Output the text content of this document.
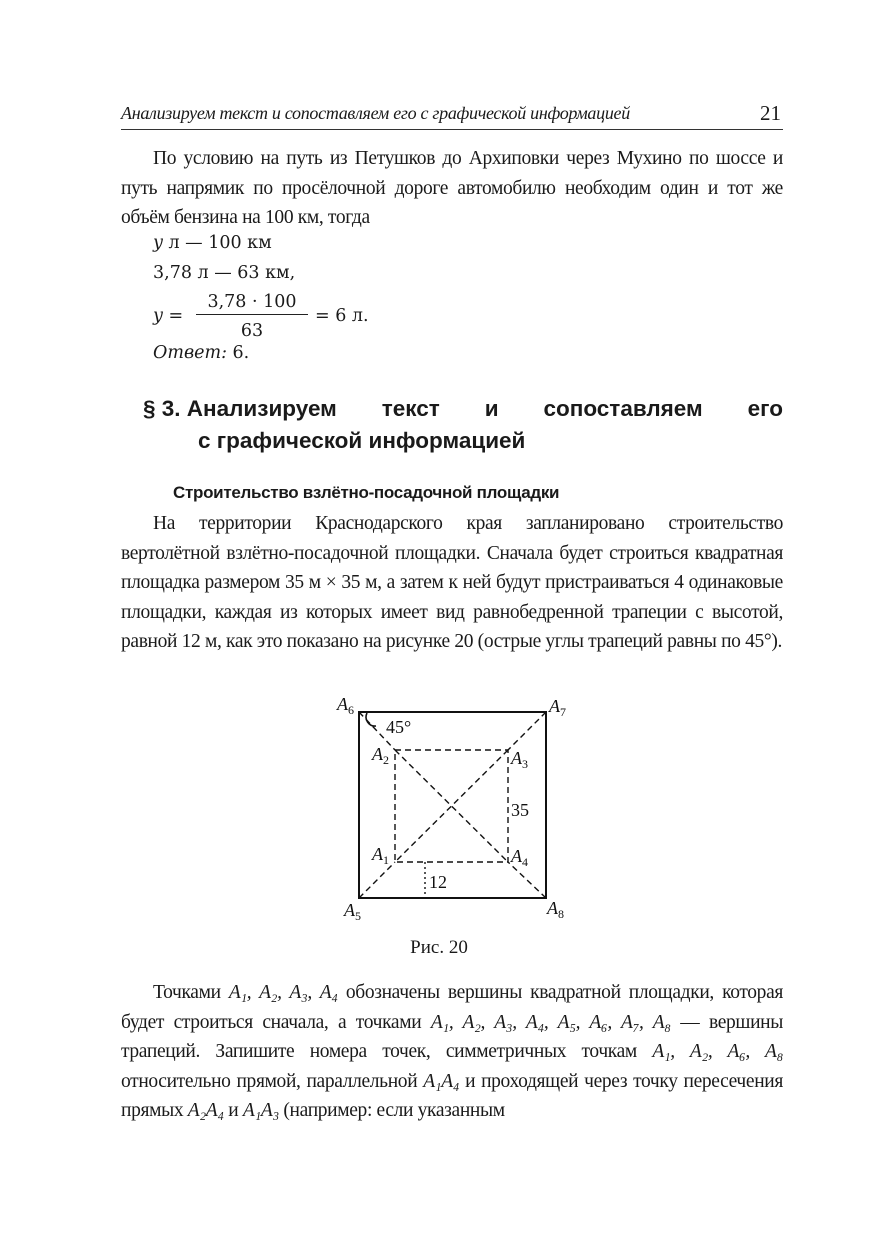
Анализируем текст и сопоставляем его с графической информацией	21
По условию на путь из Петушков до Архиповки через Мухино по шоссе и путь напрямик по просёлочной дороге автомобилю необходим один и тот же объём бензина на 100 км, тогда
y л — 100 км
3,78 л — 63 км,
y =
3,78 · 100
63
= 6 л.
Ответ: 6.
§ 3. Анализируем текст и сопоставляем его
с графической информацией
Строительство взлётно-посадочной площадки
На территории Краснодарского края запланировано строительство вертолётной взлётно-посадочной площадки. Сначала будет строиться квадратная площадка размером 35 м × 35 м, а затем к ней будут пристраиваться 4 одинаковые площадки, каждая из которых имеет вид равнобедренной трапеции с высотой, равной 12 м, как это показано на рисунке 20 (острые углы трапеций равны по 45°).
Точками A₁, A₂, A₃, A₄ обозначены вершины квадратной площадки, которая будет строиться сначала, а точками A₁, A₂, A₃, A₄, A₅, A₆, A₇, A₈ — вершины трапеций. Запишите номера точек, симметричных точкам A₁, A₂, A₆, A₈ относительно прямой, параллельной A₁A₄ и проходящей через точку пересечения прямых A₂A₄ и A₁A₃ (например: если указанным
$A_6$	$A_7$
$A_2$	$A_3$
$A_1$	$A_4$
$A_5$	$A_8$
45°
35
12
Рис. 20
